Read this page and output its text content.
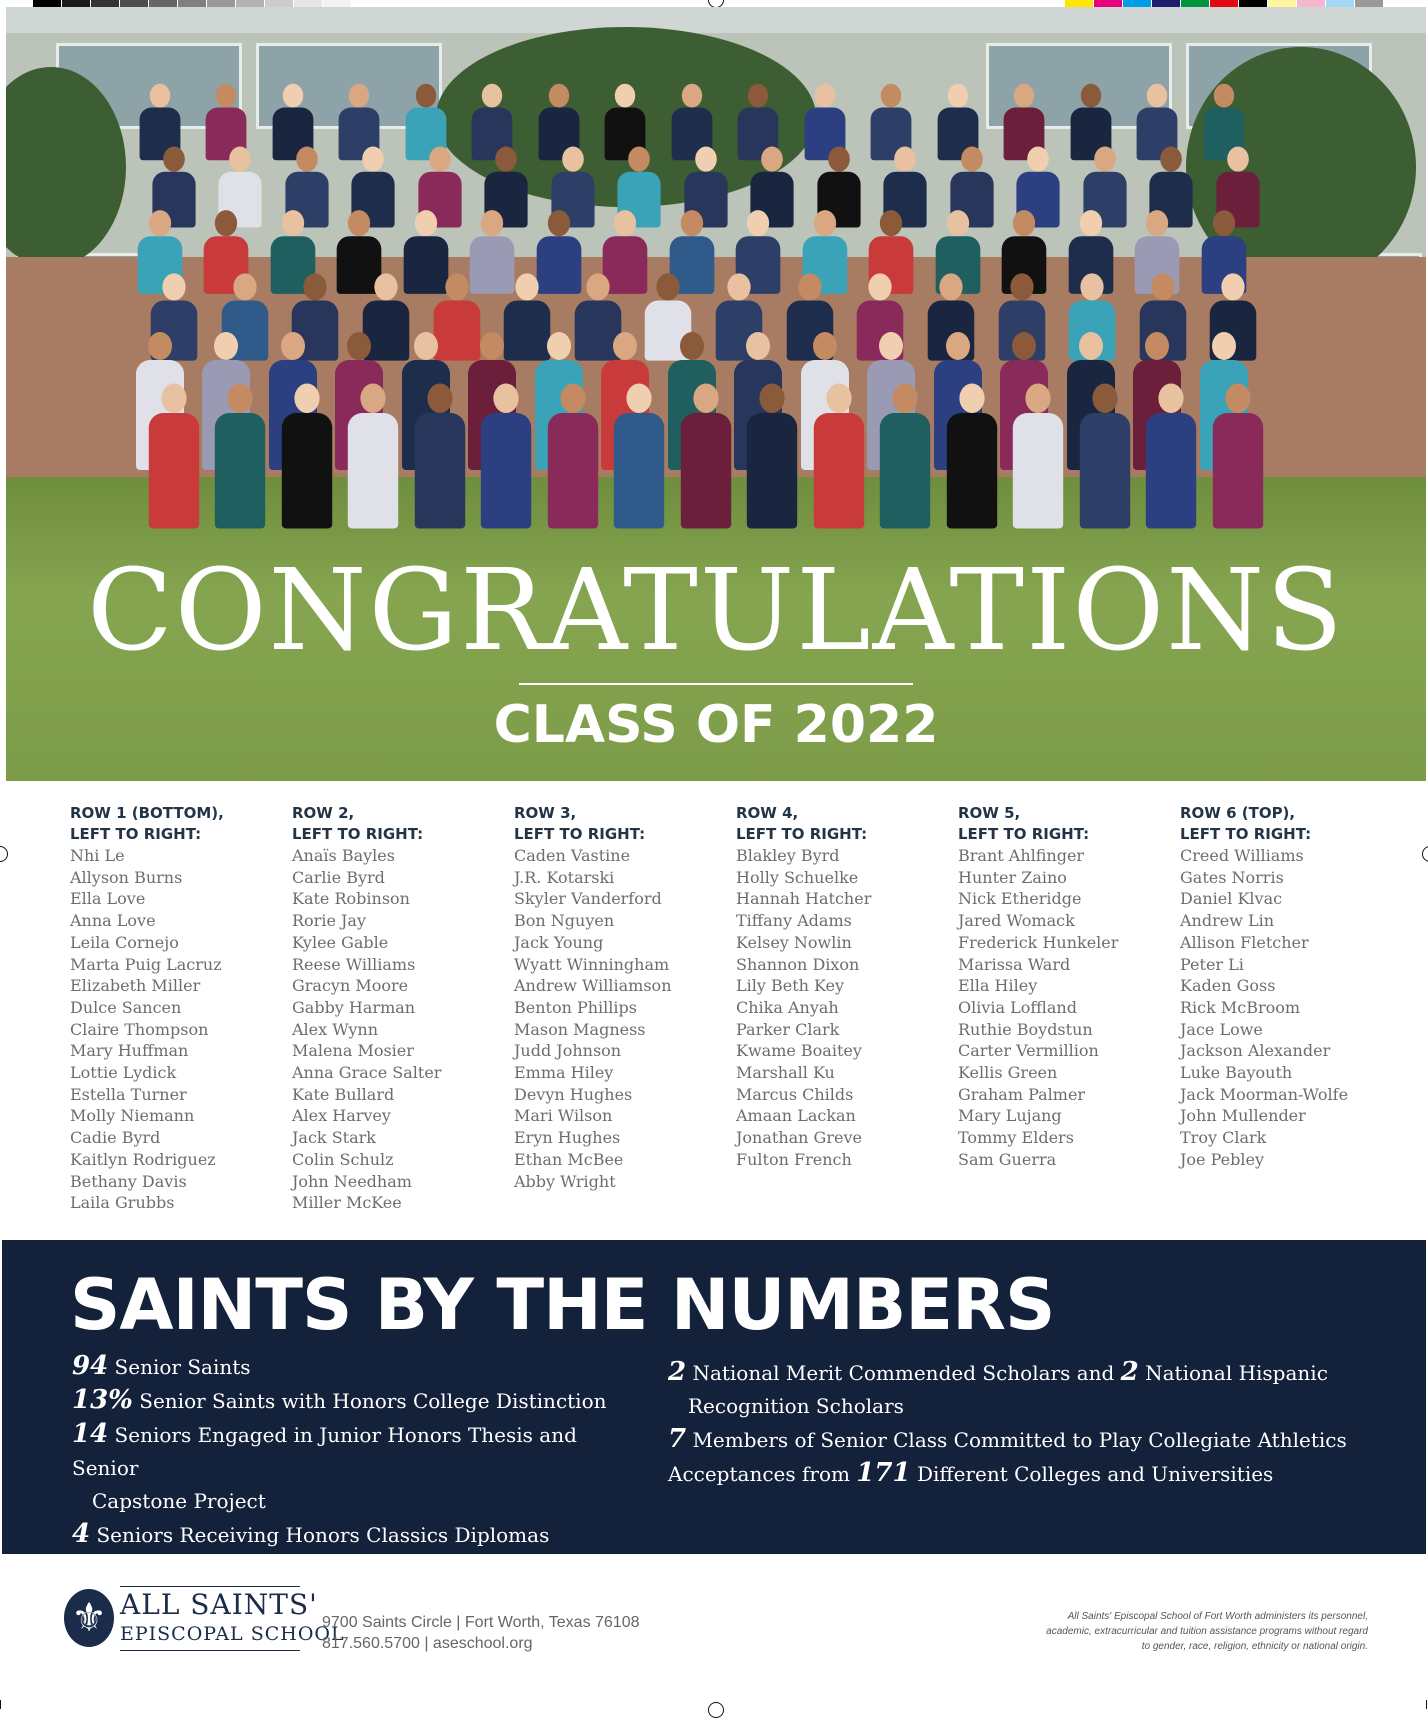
CONGRATULATIONS
CLASS OF 2022

ROW 1 (BOTTOM),

LEFT TO RIGHT:

Nhi Le

Allyson Burns

Ella Love

Anna Love

Leila Cornejo

Marta Puig Lacruz

Elizabeth Miller

Dulce Sancen

Claire Thompson

Mary Huffman

Lottie Lydick

Estella Turner

Molly Niemann

Cadie Byrd

Kaitlyn Rodriguez

Bethany Davis

Laila Grubbs

ROW 2,

LEFT TO RIGHT:

Anaïs Bayles

Carlie Byrd

Kate Robinson

Rorie Jay

Kylee Gable

Reese Williams

Gracyn Moore

Gabby Harman

Alex Wynn

Malena Mosier

Anna Grace Salter

Kate Bullard

Alex Harvey

Jack Stark

Colin Schulz

John Needham

Miller McKee

ROW 3,

LEFT TO RIGHT:

Caden Vastine

J.R. Kotarski

Skyler Vanderford

Bon Nguyen

Jack Young

Wyatt Winningham

Andrew Williamson

Benton Phillips

Mason Magness

Judd Johnson

Emma Hiley

Devyn Hughes

Mari Wilson

Eryn Hughes

Ethan McBee

Abby Wright

ROW 4,

LEFT TO RIGHT:

Blakley Byrd

Holly Schuelke

Hannah Hatcher

Tiffany Adams

Kelsey Nowlin

Shannon Dixon

Lily Beth Key

Chika Anyah

Parker Clark

Kwame Boaitey

Marshall Ku

Marcus Childs

Amaan Lackan

Jonathan Greve

Fulton French

ROW 5,

LEFT TO RIGHT:

Brant Ahlfinger

Hunter Zaino

Nick Etheridge

Jared Womack

Frederick Hunkeler

Marissa Ward

Ella Hiley

Olivia Loffland

Ruthie Boydstun

Carter Vermillion

Kellis Green

Graham Palmer

Mary Lujang

Tommy Elders

Sam Guerra

ROW 6 (TOP),

LEFT TO RIGHT:

Creed Williams

Gates Norris

Daniel Klvac

Andrew Lin

Allison Fletcher

Peter Li

Kaden Goss

Rick McBroom

Jace Lowe

Jackson Alexander

Luke Bayouth

Jack Moorman-Wolfe

John Mullender

Troy Clark

Joe Pebley

SAINTS BY THE NUMBERS

94 Senior Saints

13% Senior Saints with Honors College Distinction

14 Seniors Engaged in Junior Honors Thesis and Senior
Capstone Project

4 Seniors Receiving Honors Classics Diplomas

2 National Merit Commended Scholars and 2 National Hispanic
Recognition Scholars

7 Members of Senior Class Committed to Play Collegiate Athletics

Acceptances from 171 Different Colleges and Universities

⚜ ALL SAINTS'
EPISCOPAL SCHOOL
9700 Saints Circle | Fort Worth, Texas 76108
817.560.5700 | aseschool.org
All Saints' Episcopal School of Fort Worth administers its personnel, academic, extracurricular and tuition assistance programs without regard to gender, race, religion, ethnicity or national origin.
